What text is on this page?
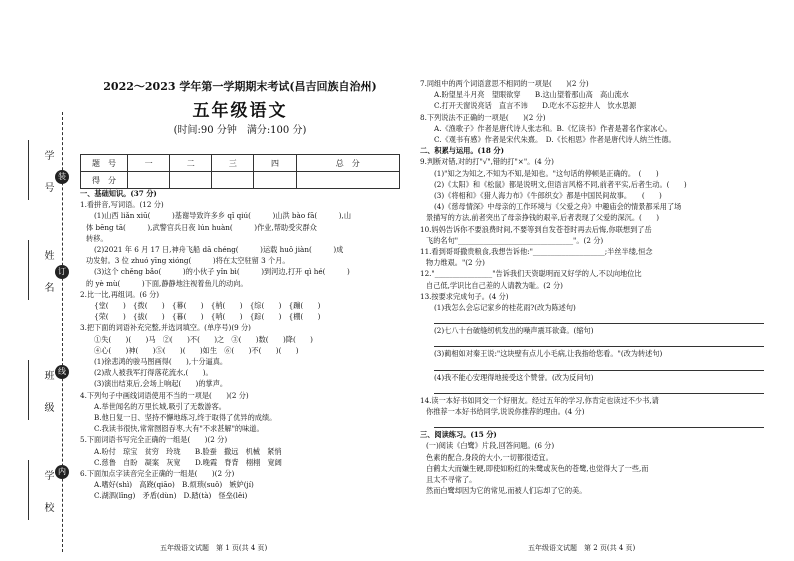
学　号
姓　名
班　级
学　校
装
订
线
内
2022～2023 学年第一学期期末考试(昌吉回族自治州)
五年级语文
(时间:90 分钟　满分:100 分)
题　号	一	二	三	四	总　分
得　分					

一、基础知识。(37 分)

1.看拼音,写词语。(12 分)

(1)山西 liǎn xiū(　　　)基谢导致许多乡 qǐ qiú(　　　)山洪 bào fā(　　　),山

体 bēng tā(　　　),武警官兵日夜 lún huàn(　　　)作业,帮助受灾群众

转移。

(2)2021 年 6 月 17 日,神舟飞船 dā chéng(　　　)运载 huǒ jiàn(　　　)成

功发射。3 位 zhuó yīng xióng(　　　)将在太空驻留 3 个月。

(3)这个 chěng bǎo(　　　)的小伙子 yǐn bì(　　　)到河边,打开 qì hé(　　　)

的 yè mù(　　　)下面,静静地注视着鱼儿的动向。

2.比一比,再组词。(6 分)

{堂(　　)　{拨(　　)　{幕(　　)　{梢(　　)　{综(　　)　{蹦(　　)

{荣(　　)　{拔(　　)　{暮(　　)　{哨(　　)　{踪(　　)　{棚(　　)

3.把下面的词语补充完整,并选词填空。(单序号)(9 分)

①失(　　)(　　)马　②(　　)不(　　)之　③(　　)数(　　)降(　　)

④心(　　)神(　　)⑤(　　)(　　)如生　⑥(　　)不(　　)(　　)

(1)徐悲鸿的骏马图画得(　　),十分逼真。

(2)敌人被我军打得落花流水,(　　)。

(3)演出结束后,会场上响起(　　)的掌声。

4.下列句子中画线词语使用不当的一项是(　　)(2 分)

A.举世闻名的万里长城,吸引了无数游客。

B.他日复一日、坚持不懈地练习,终于取得了优异的成绩。

C.我读书很快,常常囫囵吞枣,大有"不求甚解"的味道。

5.下面词语书写完全正确的一组是(　　)(2 分)

A.吩付　琼宝　贫穷　玲珑　　B.脸蚕　撒远　机械　紧悄

C.慈鲁　自盼　凝案　灰宽　　D.晚霞　脊背　栩栩　宽阔

6.下面加点字读音完全正确的一组是(　　)(2 分)

A.嗜好(shì)　高跷(qiāo)　B.烦琐(suǒ)　嫉妒(jí)

C.湖泗(lǐng)　矛盾(dùn)　D.踏(tà)　怪垒(lěi)

五年级语文试题　第 1 页(共 4 页)

7.同组中的两个词语意思不相同的一项是(　　)(2 分)

A.盼望星斗月亮　望眼欲穿　　B.这山望着那山高　高山流水

C.打开天窗说亮话　直言不讳　　D.吃水不忘挖井人　饮水思源

8.下列说法不正确的一项是(　　)(2 分)

A.《渔歌子》作者是唐代诗人张志和。B.《忆读书》作者是著名作家冰心。

C.《观书有感》作者是宋代朱熹。　D.《长相思》作者是唐代诗人纳兰性德。

二、积累与运用。(18 分)

9.判断对错,对的打"√",错的打"×"。(4 分)

(1)"知之为知之,不知为不知,是知也。"这句话的停顿是正确的。　(　　)

(2)《太阳》和《松鼠》都是说明文,但语言风格不同,前者平实,后者生动。(　　)

(3)《将相和》《猎人海力布》《牛郎织女》都是中国民间故事。　　(　　)

(4)《慈母情深》中母亲的工作环境与《父爱之舟》中趣庙会的情景都采用了场

景描写的方法,前者突出了母亲挣钱的艰辛,后者表现了父爱的深沉。(　　)

10.妈妈告诉你不要浪费时间,不要等到自发苍苍时再去后悔,你联想到了岳

飞的名句"________________________________"。(2 分)

11.看到哥哥撒贵粮食,我想告诉他:"____________________;半丝半缕,恒念

物力维艰。"(2 分)

12."________________"告诉我们天资聪明而又好学的人,不以向地位比

自己低,学识比自己差的人请教为耻。(2 分)

13.按要求完成句子。(4 分)

(1)我怎么会忘记家乡的桂花雨?(改为陈述句)

(2)七八十台破缝纫机发出的噪声震耳欲聋。(缩句)

(3)蔺相如对秦王说:"这块壁有点儿小毛病,让我指给您看。"(改为转述句)

(4)我不能心安理得地接受这个赞誉。(改为反问句)

14.读一本好书如同交一个好朋友。经过五年的学习,你肯定也读过不少书,请

你推荐一本好书给同学,说说你推荐的理由。(4 分)

三、阅读练习。(15 分)

(一)阅读《白鹭》片段,回答问题。(6 分)

色素的配合,身段的大小,一切都很适宜。

白鹤太大而嫌生硬,即使如粉红的朱鹭或灰色的苍鹭,也觉得大了一些,而

且太不寻常了。

然而白鹭却因为它的常见,而被人们忘却了它的美。

五年级语文试题　第 2 页(共 4 页)
